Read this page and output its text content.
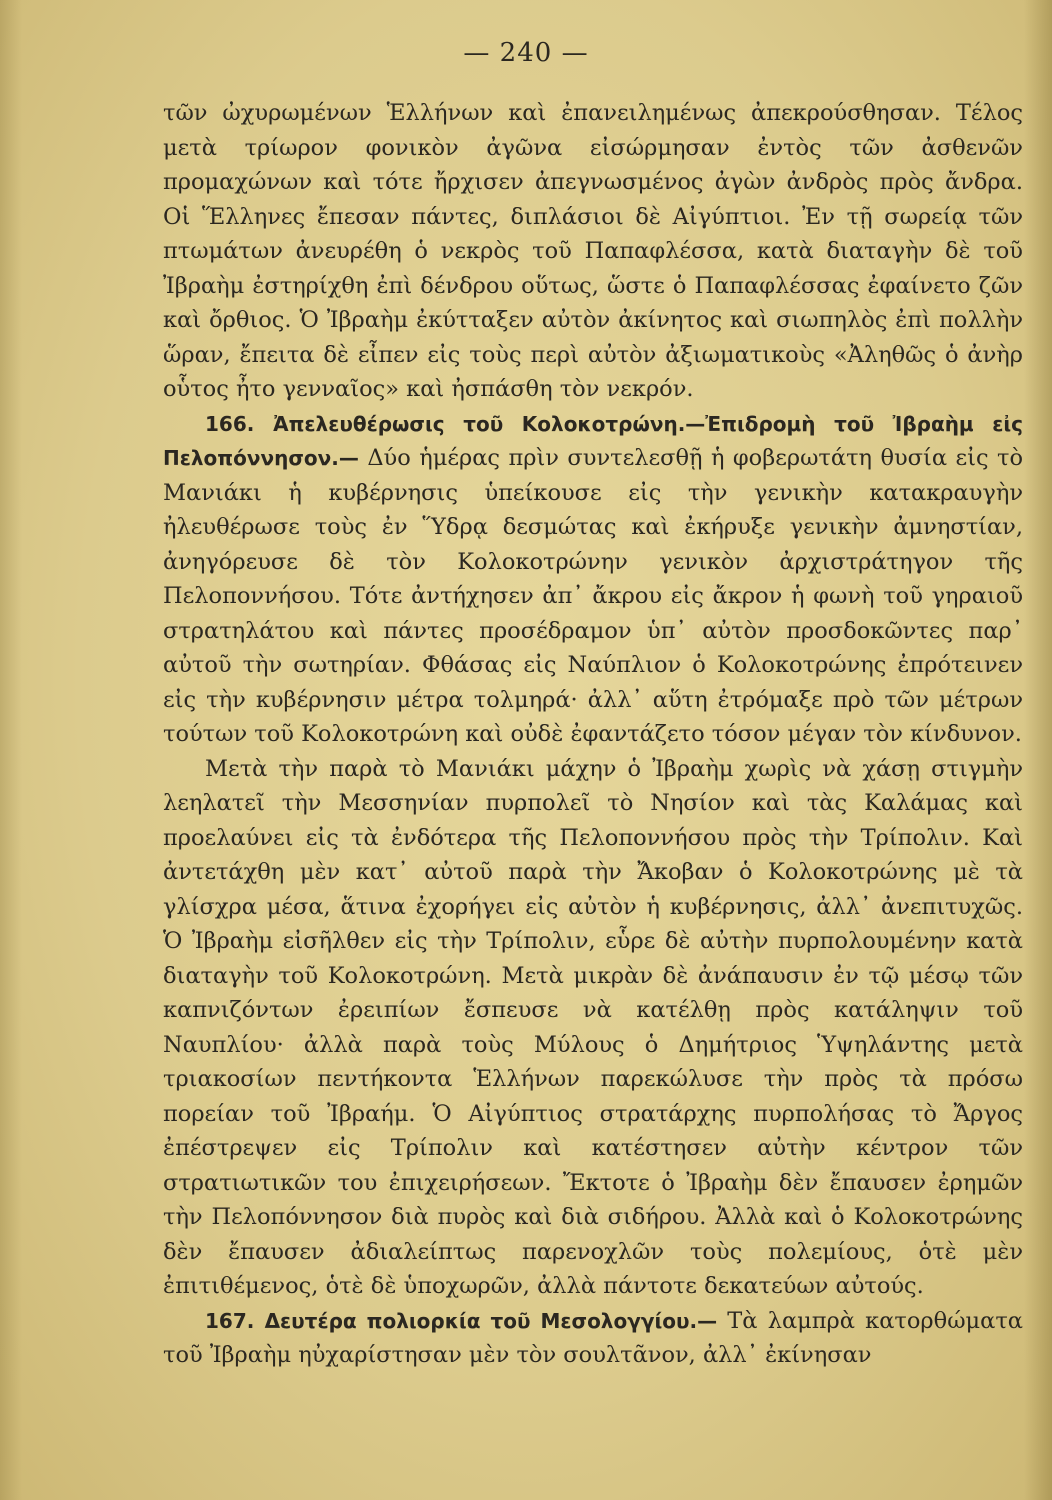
— 240 —

τῶν ὠχυρωμένων Ἑλλήνων καὶ ἐπανειλημένως ἀπεκρούσθησαν. Τέλος μετὰ τρίωρον φονικὸν ἀγῶνα εἰσώρμησαν ἐντὸς τῶν ἀσθενῶν προμαχώνων καὶ τότε ἤρχισεν ἀπεγνωσμένος ἀγὼν ἀνδρὸς πρὸς ἄνδρα. Οἱ Ἕλληνες ἔπεσαν πάντες, διπλάσιοι δὲ Αἰγύπτιοι. Ἐν τῇ σωρείᾳ τῶν πτωμάτων ἀνευρέθη ὁ νεκρὸς τοῦ Παπαφλέσσα, κατὰ διαταγὴν δὲ τοῦ Ἰβραὴμ ἐστηρίχθη ἐπὶ δένδρου οὕτως, ὥστε ὁ Παπαφλέσσας ἐφαίνετο ζῶν καὶ ὄρθιος. Ὁ Ἰβραὴμ ἐκύτταξεν αὐτὸν ἀκίνητος καὶ σιωπηλὸς ἐπὶ πολλὴν ὥραν, ἔπειτα δὲ εἶπεν εἰς τοὺς περὶ αὐτὸν ἀξιωματικοὺς «Ἀληθῶς ὁ ἀνὴρ οὗτος ἦτο γενναῖος» καὶ ἠσπάσθη τὸν νεκρόν.

166. Ἀπελευθέρωσις τοῦ Κολοκοτρώνη.—Ἐπιδρομὴ τοῦ Ἰβραὴμ εἰς Πελοπόννησον.— Δύο ἡμέρας πρὶν συντελεσθῇ ἡ φοβερωτάτη θυσία εἰς τὸ Μανιάκι ἡ κυβέρνησις ὑπείκουσε εἰς τὴν γενικὴν κατακραυγὴν ἠλευθέρωσε τοὺς ἐν Ὕδρᾳ δεσμώτας καὶ ἐκήρυξε γενικὴν ἀμνηστίαν, ἀνηγόρευσε δὲ τὸν Κολοκοτρώνην γενικὸν ἀρχιστράτηγον τῆς Πελοποννήσου. Τότε ἀντήχησεν ἀπ᾿ ἄκρου εἰς ἄκρον ἡ φωνὴ τοῦ γηραιοῦ στρατηλάτου καὶ πάντες προσέδραμον ὑπ᾿ αὐτὸν προσδοκῶντες παρ᾿ αὐτοῦ τὴν σωτηρίαν. Φθάσας εἰς Ναύπλιον ὁ Κολοκοτρώνης ἐπρότεινεν εἰς τὴν κυβέρνησιν μέτρα τολμηρά· ἀλλ᾿ αὕτη ἐτρόμαξε πρὸ τῶν μέτρων τούτων τοῦ Κολοκοτρώνη καὶ οὐδὲ ἐφαντάζετο τόσον μέγαν τὸν κίνδυνον.

Μετὰ τὴν παρὰ τὸ Μανιάκι μάχην ὁ Ἰβραὴμ χωρὶς νὰ χάσῃ στιγμὴν λεηλατεῖ τὴν Μεσσηνίαν πυρπολεῖ τὸ Νησίον καὶ τὰς Καλάμας καὶ προελαύνει εἰς τὰ ἐνδότερα τῆς Πελοποννήσου πρὸς τὴν Τρίπολιν. Καὶ ἀντετάχθη μὲν κατ᾿ αὐτοῦ παρὰ τὴν Ἄκοβαν ὁ Κολοκοτρώνης μὲ τὰ γλίσχρα μέσα, ἅτινα ἐχορήγει εἰς αὐτὸν ἡ κυβέρνησις, ἀλλ᾿ ἀνεπιτυχῶς. Ὁ Ἰβραὴμ εἰσῆλθεν εἰς τὴν Τρίπολιν, εὗρε δὲ αὐτὴν πυρπολουμένην κατὰ διαταγὴν τοῦ Κολοκοτρώνη. Μετὰ μικρὰν δὲ ἀνάπαυσιν ἐν τῷ μέσῳ τῶν καπνιζόντων ἐρειπίων ἔσπευσε νὰ κατέλθῃ πρὸς κατάληψιν τοῦ Ναυπλίου· ἀλλὰ παρὰ τοὺς Μύλους ὁ Δημήτριος Ὑψηλάντης μετὰ τριακοσίων πεντήκοντα Ἑλλήνων παρεκώλυσε τὴν πρὸς τὰ πρόσω πορείαν τοῦ Ἰβραήμ. Ὁ Αἰγύπτιος στρατάρχης πυρπολήσας τὸ Ἄργος ἐπέστρεψεν εἰς Τρίπολιν καὶ κατέστησεν αὐτὴν κέντρον τῶν στρατιωτικῶν του ἐπιχειρήσεων. Ἔκτοτε ὁ Ἰβραὴμ δὲν ἔπαυσεν ἐρημῶν τὴν Πελοπόννησον διὰ πυρὸς καὶ διὰ σιδήρου. Ἀλλὰ καὶ ὁ Κολοκοτρώνης δὲν ἔπαυσεν ἀδιαλείπτως παρενοχλῶν τοὺς πολεμίους, ὁτὲ μὲν ἐπιτιθέμενος, ὁτὲ δὲ ὑποχωρῶν, ἀλλὰ πάντοτε δεκατεύων αὐτούς.

167. Δευτέρα πολιορκία τοῦ Μεσολογγίου.— Τὰ λαμπρὰ κατορθώματα τοῦ Ἰβραὴμ ηὐχαρίστησαν μὲν τὸν σουλτᾶνον, ἀλλ᾿ ἐκίνησαν
